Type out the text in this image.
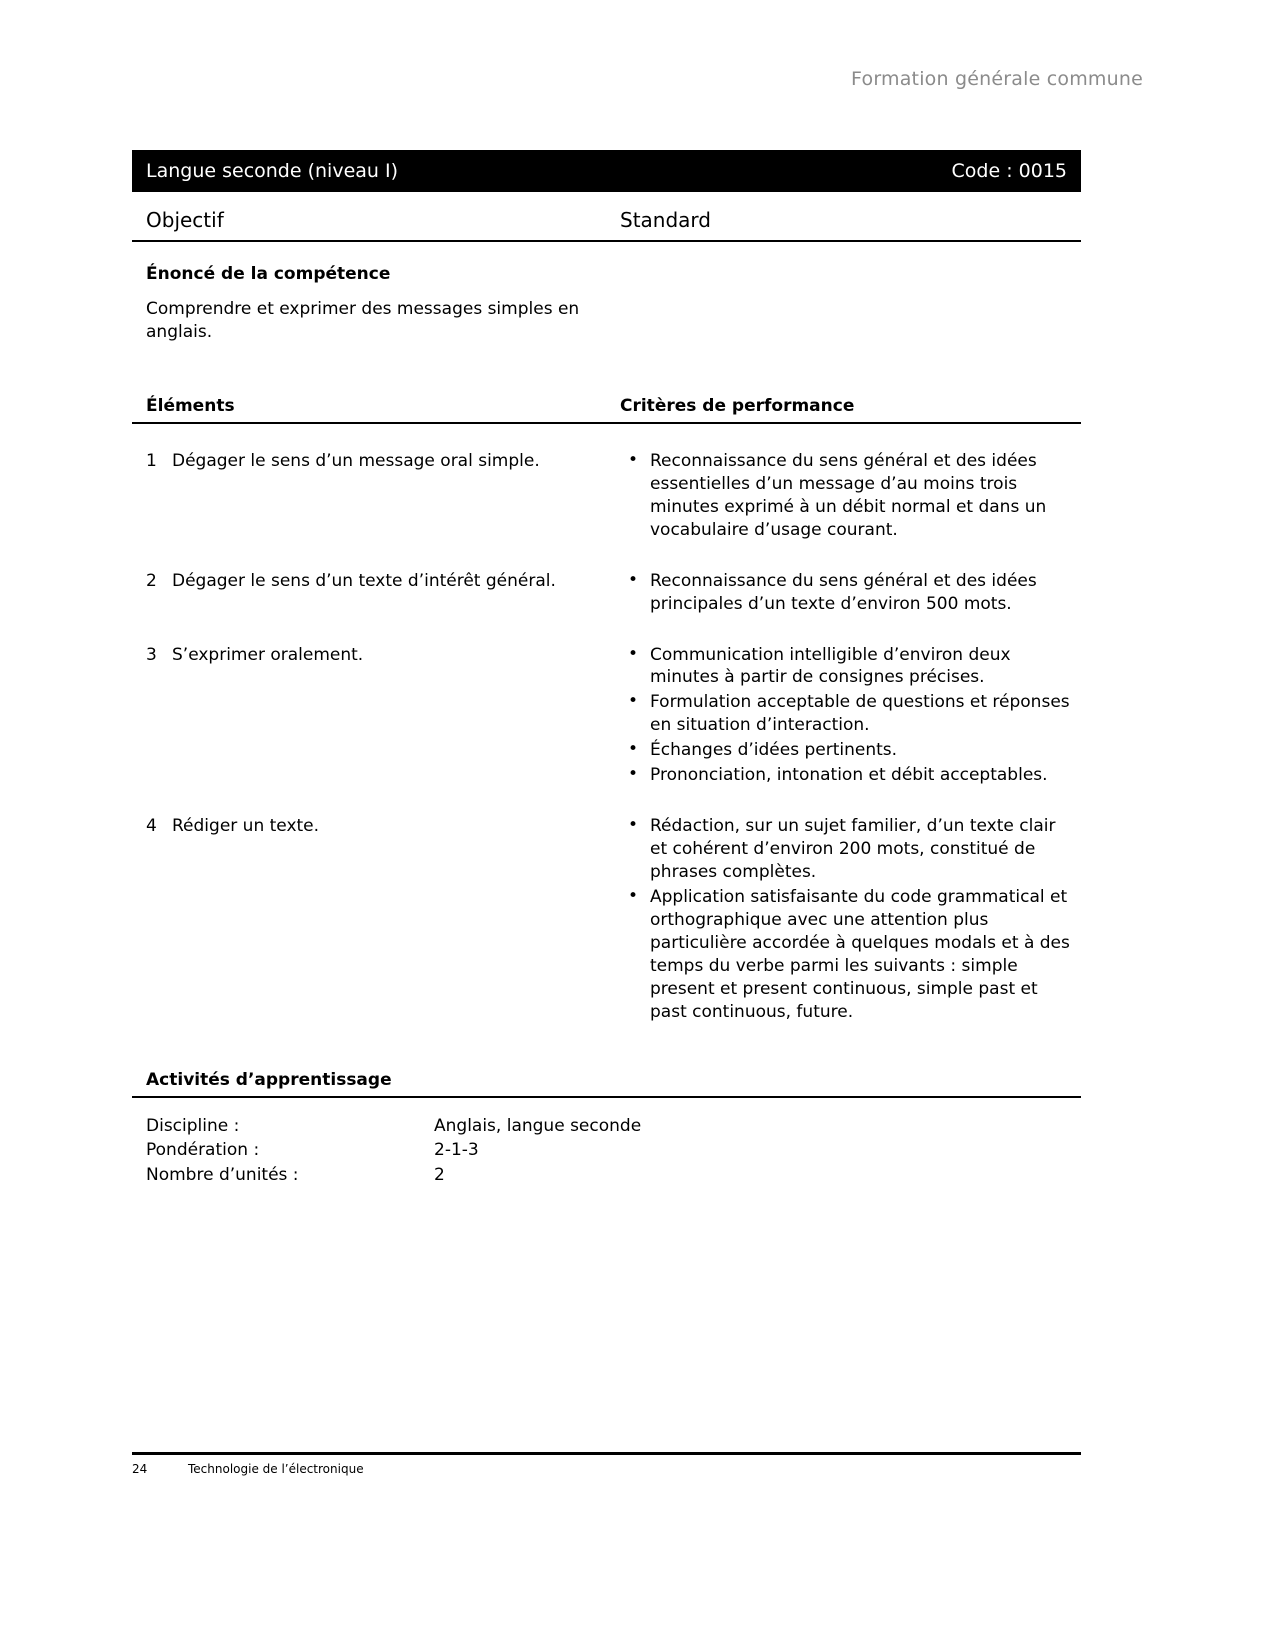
Formation générale commune
Langue seconde (niveau I)	Code : 0015
Objectif	Standard
Énoncé de la compétence
Comprendre et exprimer des messages simples en anglais.
Éléments	Critères de performance
1 Dégager le sens d’un message oral simple.	• Reconnaissance du sens général et des idées essentielles d’un message d’au moins trois minutes exprimé à un débit normal et dans un vocabulaire d’usage courant.
2 Dégager le sens d’un texte d’intérêt général.	• Reconnaissance du sens général et des idées principales d’un texte d’environ 500 mots.
3 S’exprimer oralement.	• Communication intelligible d’environ deux minutes à partir de consignes précises.
• Formulation acceptable de questions et réponses en situation d’interaction.
• Échanges d’idées pertinents.
• Prononciation, intonation et débit acceptables.
4 Rédiger un texte.	• Rédaction, sur un sujet familier, d’un texte clair et cohérent d’environ 200 mots, constitué de phrases complètes.
• Application satisfaisante du code grammatical et orthographique avec une attention plus particulière accordée à quelques modals et à des temps du verbe parmi les suivants : simple present et present continuous, simple past et past continuous, future.
Activités d’apprentissage
Discipline :	Anglais, langue seconde
Pondération :	2-1-3
Nombre d’unités :	2
24	Technologie de l’électronique
